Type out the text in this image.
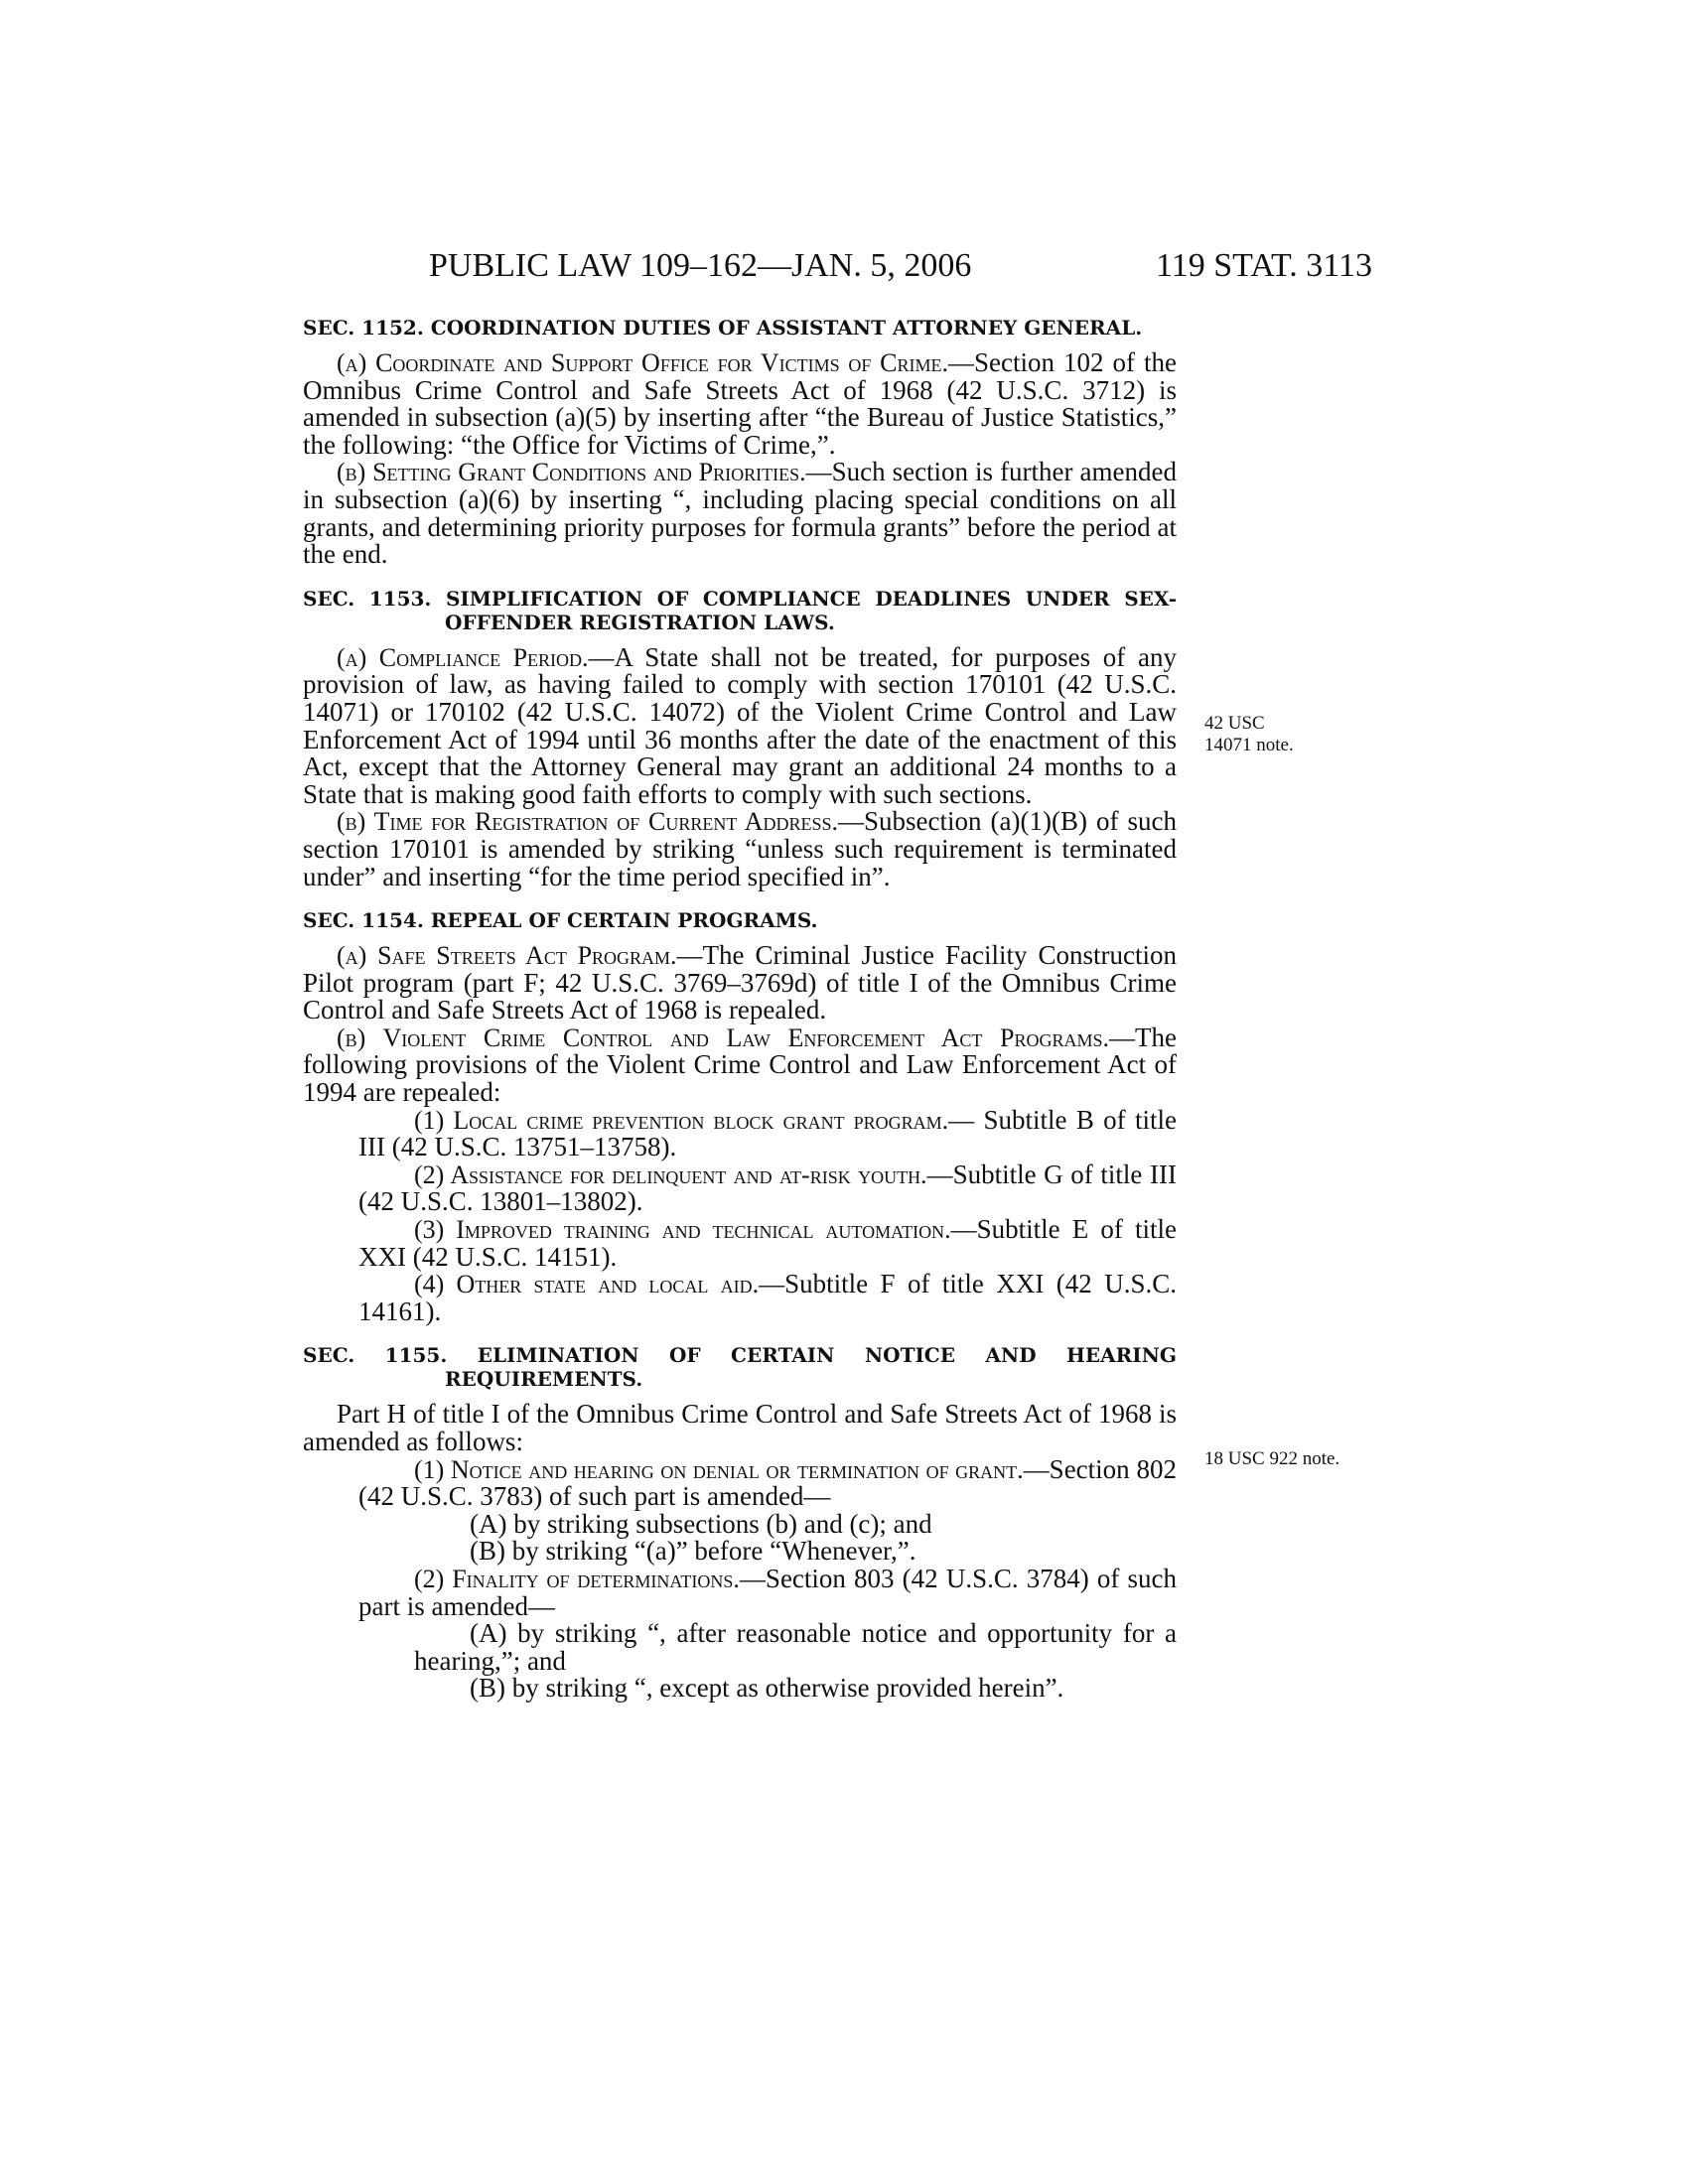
PUBLIC LAW 109–162—JAN. 5, 2006	119 STAT. 3113
42 USC 14071 note.
18 USC 922 note.
SEC. 1152. COORDINATION DUTIES OF ASSISTANT ATTORNEY GENERAL.

(a) Coordinate and Support Office for Victims of Crime.—Section 102 of the Omnibus Crime Control and Safe Streets Act of 1968 (42 U.S.C. 3712) is amended in subsection (a)(5) by inserting after “the Bureau of Justice Statistics,” the following: “the Office for Victims of Crime,”.

(b) Setting Grant Conditions and Priorities.—Such section is further amended in subsection (a)(6) by inserting “, including placing special conditions on all grants, and determining priority purposes for formula grants” before the period at the end.

SEC. 1153. SIMPLIFICATION OF COMPLIANCE DEADLINES UNDER SEX-OFFENDER REGISTRATION LAWS.

(a) Compliance Period.—A State shall not be treated, for purposes of any provision of law, as having failed to comply with section 170101 (42 U.S.C. 14071) or 170102 (42 U.S.C. 14072) of the Violent Crime Control and Law Enforcement Act of 1994 until 36 months after the date of the enactment of this Act, except that the Attorney General may grant an additional 24 months to a State that is making good faith efforts to comply with such sections.

(b) Time for Registration of Current Address.—Subsection (a)(1)(B) of such section 170101 is amended by striking “unless such requirement is terminated under” and inserting “for the time period specified in”.

SEC. 1154. REPEAL OF CERTAIN PROGRAMS.

(a) Safe Streets Act Program.—The Criminal Justice Facility Construction Pilot program (part F; 42 U.S.C. 3769–3769d) of title I of the Omnibus Crime Control and Safe Streets Act of 1968 is repealed.

(b) Violent Crime Control and Law Enforcement Act Programs.—The following provisions of the Violent Crime Control and Law Enforcement Act of 1994 are repealed:

(1) Local crime prevention block grant program.— Subtitle B of title III (42 U.S.C. 13751–13758).

(2) Assistance for delinquent and at-risk youth.—Subtitle G of title III (42 U.S.C. 13801–13802).

(3) Improved training and technical automation.—Subtitle E of title XXI (42 U.S.C. 14151).

(4) Other state and local aid.—Subtitle F of title XXI (42 U.S.C. 14161).

SEC. 1155. ELIMINATION OF CERTAIN NOTICE AND HEARING REQUIREMENTS.

Part H of title I of the Omnibus Crime Control and Safe Streets Act of 1968 is amended as follows:

(1) Notice and hearing on denial or termination of grant.—Section 802 (42 U.S.C. 3783) of such part is amended—

(A) by striking subsections (b) and (c); and

(B) by striking “(a)” before “Whenever,”.

(2) Finality of determinations.—Section 803 (42 U.S.C. 3784) of such part is amended—

(A) by striking “, after reasonable notice and opportunity for a hearing,”; and

(B) by striking “, except as otherwise provided herein”.
